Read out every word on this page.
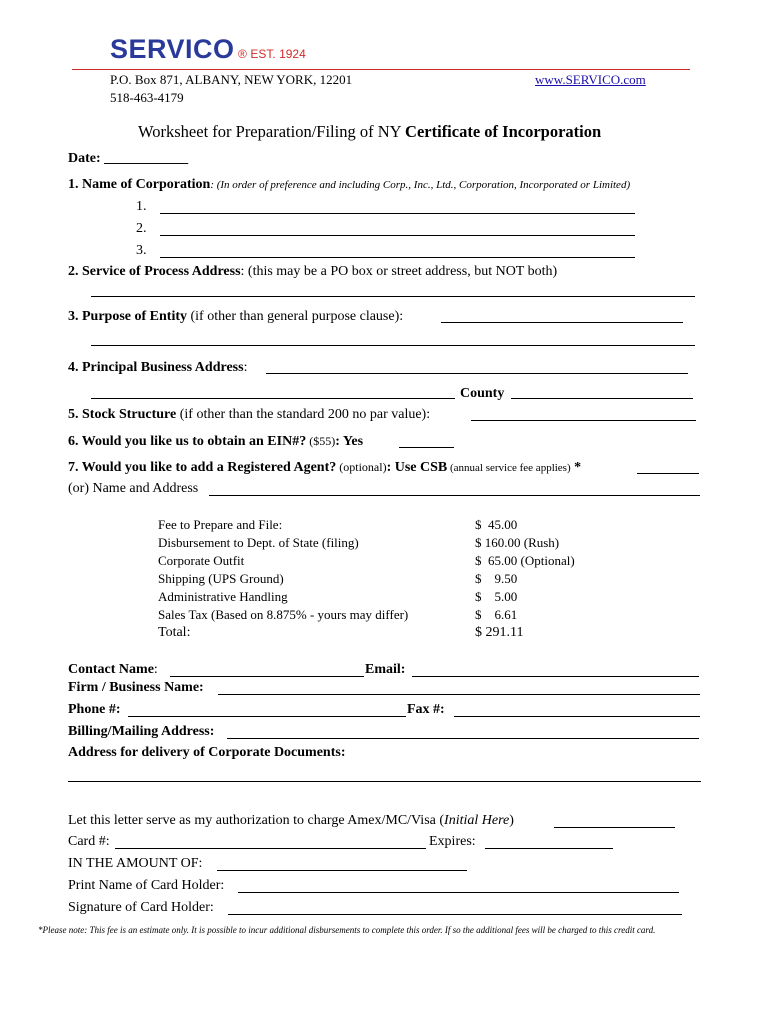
SERVICO ® EST. 1924
P.O. Box 871, ALBANY, NEW YORK, 12201
518-463-4179
www.SERVICO.com
Worksheet for Preparation/Filing of NY Certificate of Incorporation
Date: ____________
1. Name of Corporation: (In order of preference and including Corp., Inc., Ltd., Corporation, Incorporated or Limited)
1.
2.
3.
2. Service of Process Address: (this may be a PO box or street address, but NOT both)
3. Purpose of Entity (if other than general purpose clause):
4. Principal Business Address:
County
5. Stock Structure (if other than the standard 200 no par value):
6. Would you like us to obtain an EIN#? ($55): Yes
7. Would you like to add a Registered Agent? (optional): Use CSB (annual service fee applies) *
(or) Name and Address
Fee to Prepare and File:	$  45.00
Disbursement to Dept. of State (filing)	$ 160.00 (Rush)
Corporate Outfit	$  65.00 (Optional)
Shipping (UPS Ground)	$    9.50
Administrative Handling	$    5.00
Sales Tax (Based on 8.875% - yours may differ)	$    6.61
Total:	$ 291.11
Contact Name:	Email:
Firm / Business Name:
Phone #:	Fax #:
Billing/Mailing Address:
Address for delivery of Corporate Documents:
Let this letter serve as my authorization to charge Amex/MC/Visa (Initial Here)
Card #:	Expires:
IN THE AMOUNT OF:
Print Name of Card Holder:
Signature of Card Holder:
*Please note: This fee is an estimate only. It is possible to incur additional disbursements to complete this order. If so the additional fees will be charged to this credit card.
